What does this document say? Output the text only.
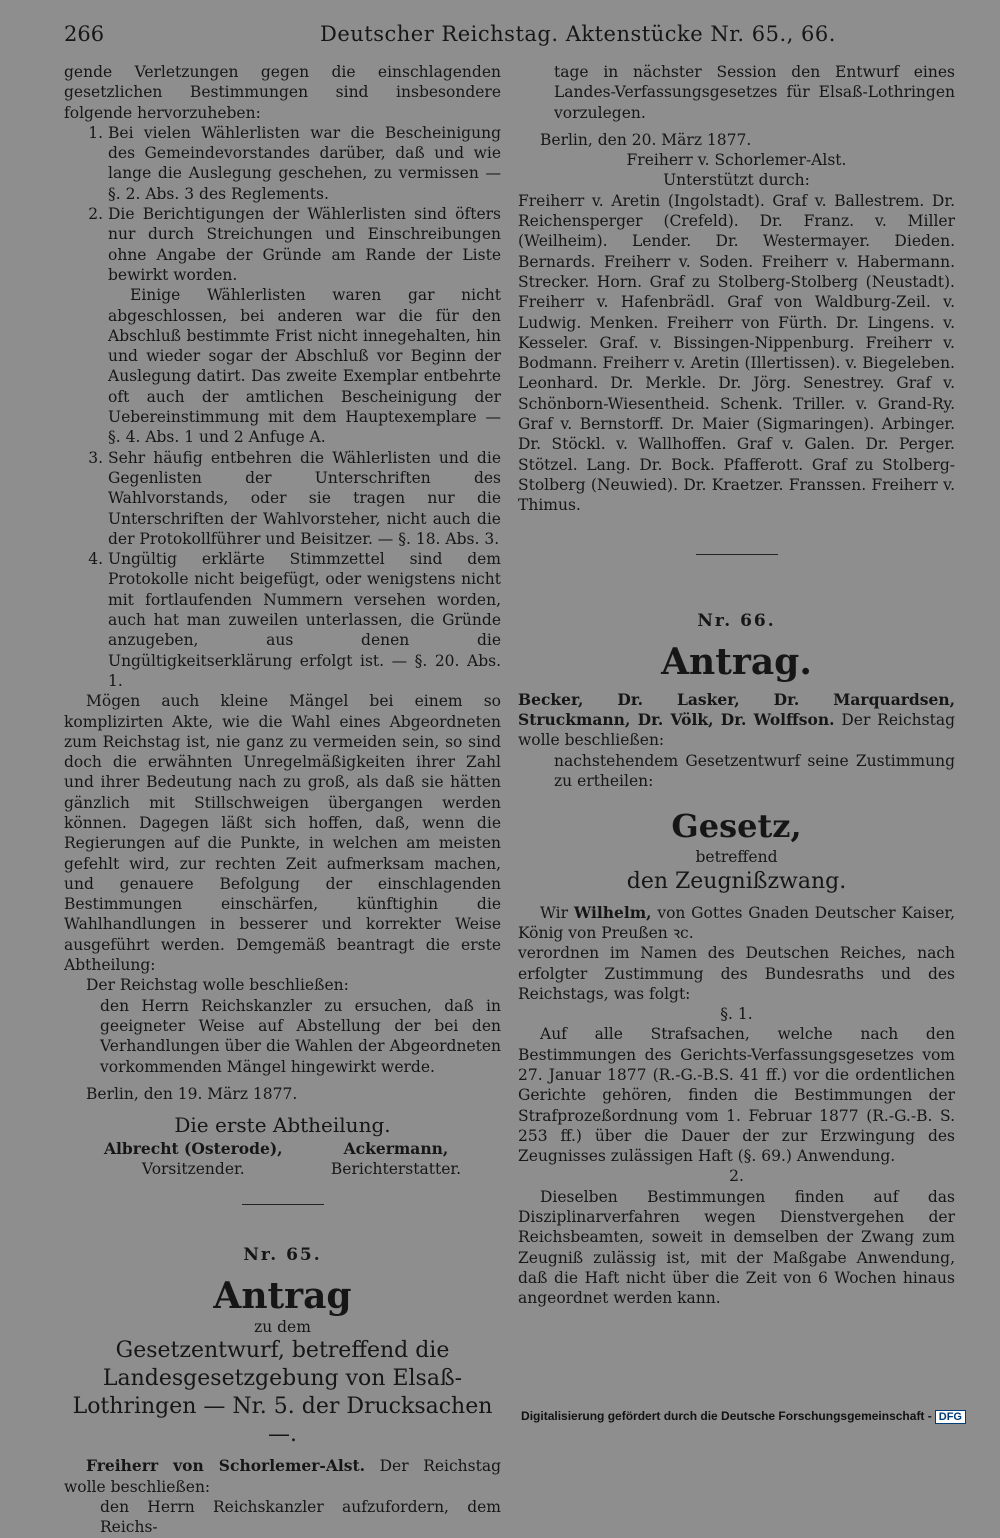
266	Deutscher Reichstag. Aktenstücke Nr. 65., 66.

gende Verletzungen gegen die einschlagenden gesetzlichen Bestimmungen sind insbesondere folgende hervorzuheben:

1. Bei vielen Wählerlisten war die Bescheinigung des Gemeindevorstandes darüber, daß und wie lange die Auslegung geschehen, zu vermissen — §. 2. Abs. 3 des Reglements.

2. Die Berichtigungen der Wählerlisten sind öfters nur durch Streichungen und Einschreibungen ohne Angabe der Gründe am Rande der Liste bewirkt worden.

Einige Wählerlisten waren gar nicht abgeschlossen, bei anderen war die für den Abschluß bestimmte Frist nicht innegehalten, hin und wieder sogar der Abschluß vor Beginn der Auslegung datirt. Das zweite Exemplar entbehrte oft auch der amtlichen Bescheinigung der Uebereinstimmung mit dem Hauptexemplare — §. 4. Abs. 1 und 2 Anfuge A.

3. Sehr häufig entbehren die Wählerlisten und die Gegenlisten der Unterschriften des Wahlvorstands, oder sie tragen nur die Unterschriften der Wahlvorsteher, nicht auch die der Protokollführer und Beisitzer. — §. 18. Abs. 3.

4. Ungültig erklärte Stimmzettel sind dem Protokolle nicht beigefügt, oder wenigstens nicht mit fortlaufenden Nummern versehen worden, auch hat man zuweilen unterlassen, die Gründe anzugeben, aus denen die Ungültigkeitserklärung erfolgt ist. — §. 20. Abs. 1.

Mögen auch kleine Mängel bei einem so komplizirten Akte, wie die Wahl eines Abgeordneten zum Reichstag ist, nie ganz zu vermeiden sein, so sind doch die erwähnten Unregelmäßigkeiten ihrer Zahl und ihrer Bedeutung nach zu groß, als daß sie hätten gänzlich mit Stillschweigen übergangen werden können. Dagegen läßt sich hoffen, daß, wenn die Regierungen auf die Punkte, in welchen am meisten gefehlt wird, zur rechten Zeit aufmerksam machen, und genauere Befolgung der einschlagenden Bestimmungen einschärfen, künftighin die Wahlhandlungen in besserer und korrekter Weise ausgeführt werden. Demgemäß beantragt die erste Abtheilung:

Der Reichstag wolle beschließen:

den Herrn Reichskanzler zu ersuchen, daß in geeigneter Weise auf Abstellung der bei den Verhandlungen über die Wahlen der Abgeordneten vorkommenden Mängel hingewirkt werde.

Berlin, den 19. März 1877.

Die erste Abtheilung.

Albrecht (Osterode),
Vorsitzender.
Ackermann,
Berichterstatter.

Nr. 65.

Antrag

zu dem

Gesetzentwurf, betreffend die Landesgesetzgebung von Elsaß-Lothringen — Nr. 5. der Drucksachen —.

Freiherr von Schorlemer-Alst. Der Reichstag wolle beschließen:

den Herrn Reichskanzler aufzufordern, dem Reichs-

tage in nächster Session den Entwurf eines Landes-Verfassungsgesetzes für Elsaß-Lothringen vorzulegen.

Berlin, den 20. März 1877.

Freiherr v. Schorlemer-Alst.

Unterstützt durch:

Freiherr v. Aretin (Ingolstadt). Graf v. Ballestrem. Dr. Reichensperger (Crefeld). Dr. Franz. v. Miller (Weilheim). Lender. Dr. Westermayer. Dieden. Bernards. Freiherr v. Soden. Freiherr v. Habermann. Strecker. Horn. Graf zu Stolberg-Stolberg (Neustadt). Freiherr v. Hafenbrädl. Graf von Waldburg-Zeil. v. Ludwig. Menken. Freiherr von Fürth. Dr. Lingens. v. Kesseler. Graf. v. Bissingen-Nippenburg. Freiherr v. Bodmann. Freiherr v. Aretin (Illertissen). v. Biegeleben. Leonhard. Dr. Merkle. Dr. Jörg. Senestrey. Graf v. Schönborn-Wiesentheid. Schenk. Triller. v. Grand-Ry. Graf v. Bernstorff. Dr. Maier (Sigmaringen). Arbinger. Dr. Stöckl. v. Wallhoffen. Graf v. Galen. Dr. Perger. Stötzel. Lang. Dr. Bock. Pfafferott. Graf zu Stolberg-Stolberg (Neuwied). Dr. Kraetzer. Franssen. Freiherr v. Thimus.

Nr. 66.

Antrag.

Becker, Dr. Lasker, Dr. Marquardsen, Struckmann, Dr. Völk, Dr. Wolffson. Der Reichstag wolle beschließen:

nachstehendem Gesetzentwurf seine Zustimmung zu ertheilen:

Gesetz,

betreffend

den Zeugnißzwang.

Wir Wilhelm, von Gottes Gnaden Deutscher Kaiser, König von Preußen ꝛc.

verordnen im Namen des Deutschen Reiches, nach erfolgter Zustimmung des Bundesraths und des Reichstags, was folgt:

§. 1.

Auf alle Strafsachen, welche nach den Bestimmungen des Gerichts-Verfassungsgesetzes vom 27. Januar 1877 (R.-G.-B.S. 41 ff.) vor die ordentlichen Gerichte gehören, finden die Bestimmungen der Strafprozeßordnung vom 1. Februar 1877 (R.-G.-B. S. 253 ff.) über die Dauer der zur Erzwingung des Zeugnisses zulässigen Haft (§. 69.) Anwendung.

2.

Dieselben Bestimmungen finden auf das Disziplinarverfahren wegen Dienstvergehen der Reichsbeamten, soweit in demselben der Zwang zum Zeugniß zulässig ist, mit der Maßgabe Anwendung, daß die Haft nicht über die Zeit von 6 Wochen hinaus angeordnet werden kann.

Digitalisierung gefördert durch die Deutsche Forschungsgemeinschaft - DFG
